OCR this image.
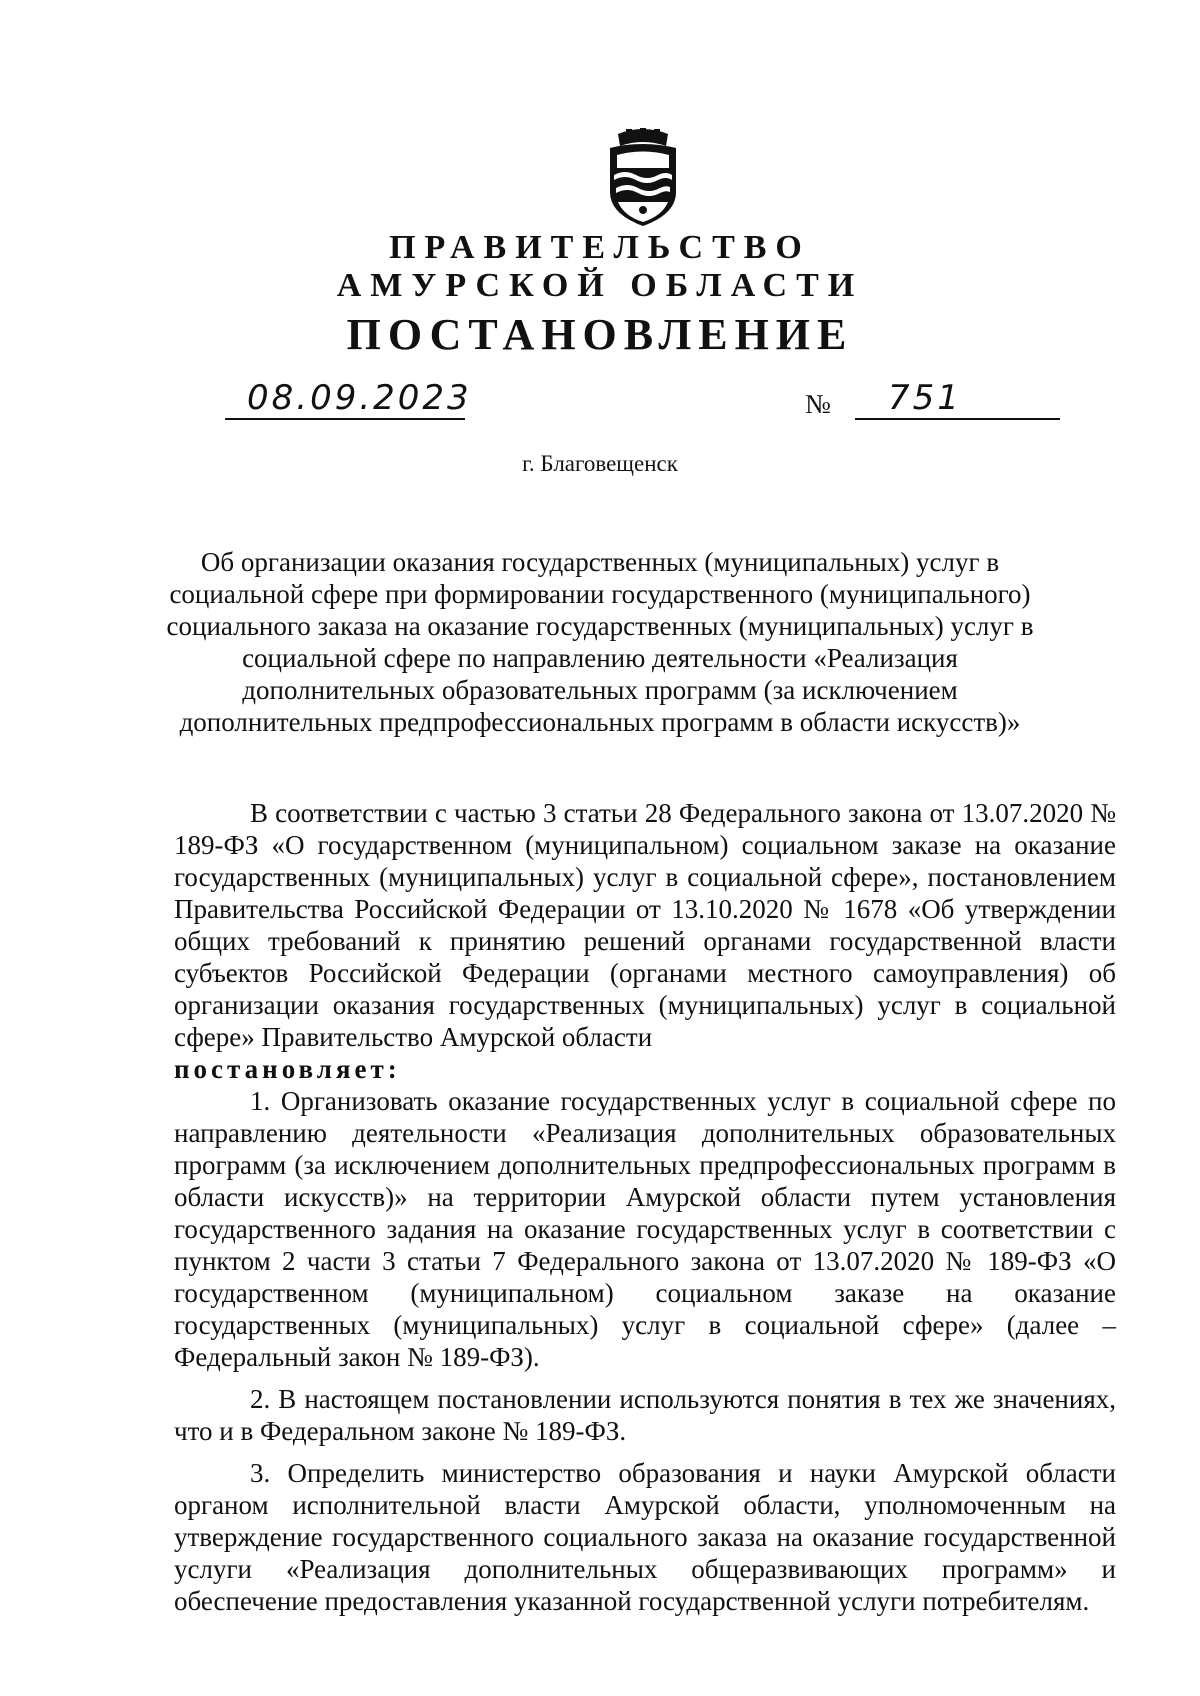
ПРАВИТЕЛЬСТВО
АМУРСКОЙ ОБЛАСТИ
ПОСТАНОВЛЕНИЕ
08.09.2023	№ 751
г. Благовещенск
Об организации оказания государственных (муниципальных) услуг в социальной сфере при формировании государственного (муниципального) социального заказа на оказание государственных (муниципальных) услуг в социальной сфере по направлению деятельности «Реализация дополнительных образовательных программ (за исключением дополнительных предпрофессиональных программ в области искусств)»

В соответствии с частью 3 статьи 28 Федерального закона от 13.07.2020 № 189-ФЗ «О государственном (муниципальном) социальном заказе на оказание государственных (муниципальных) услуг в социальной сфере», постановлением Правительства Российской Федерации от 13.10.2020 № 1678 «Об утверждении общих требований к принятию решений органами государственной власти субъектов Российской Федерации (органами местного самоуправления) об организации оказания государственных (муниципальных) услуг в социальной сфере» Правительство Амурской области

постановляет:

1. Организовать оказание государственных услуг в социальной сфере по направлению деятельности «Реализация дополнительных образовательных программ (за исключением дополнительных предпрофессиональных программ в области искусств)» на территории Амурской области путем установления государственного задания на оказание государственных услуг в соответствии с пунктом 2 части 3 статьи 7 Федерального закона от 13.07.2020 № 189-ФЗ «О государственном (муниципальном) социальном заказе на оказание государственных (муниципальных) услуг в социальной сфере» (далее – Федеральный закон № 189-ФЗ).

2. В настоящем постановлении используются понятия в тех же значениях, что и в Федеральном законе № 189-ФЗ.

3. Определить министерство образования и науки Амурской области органом исполнительной власти Амурской области, уполномоченным на утверждение государственного социального заказа на оказание государственной услуги «Реализация дополнительных общеразвивающих программ» и обеспечение предоставления указанной государственной услуги потребителям.
